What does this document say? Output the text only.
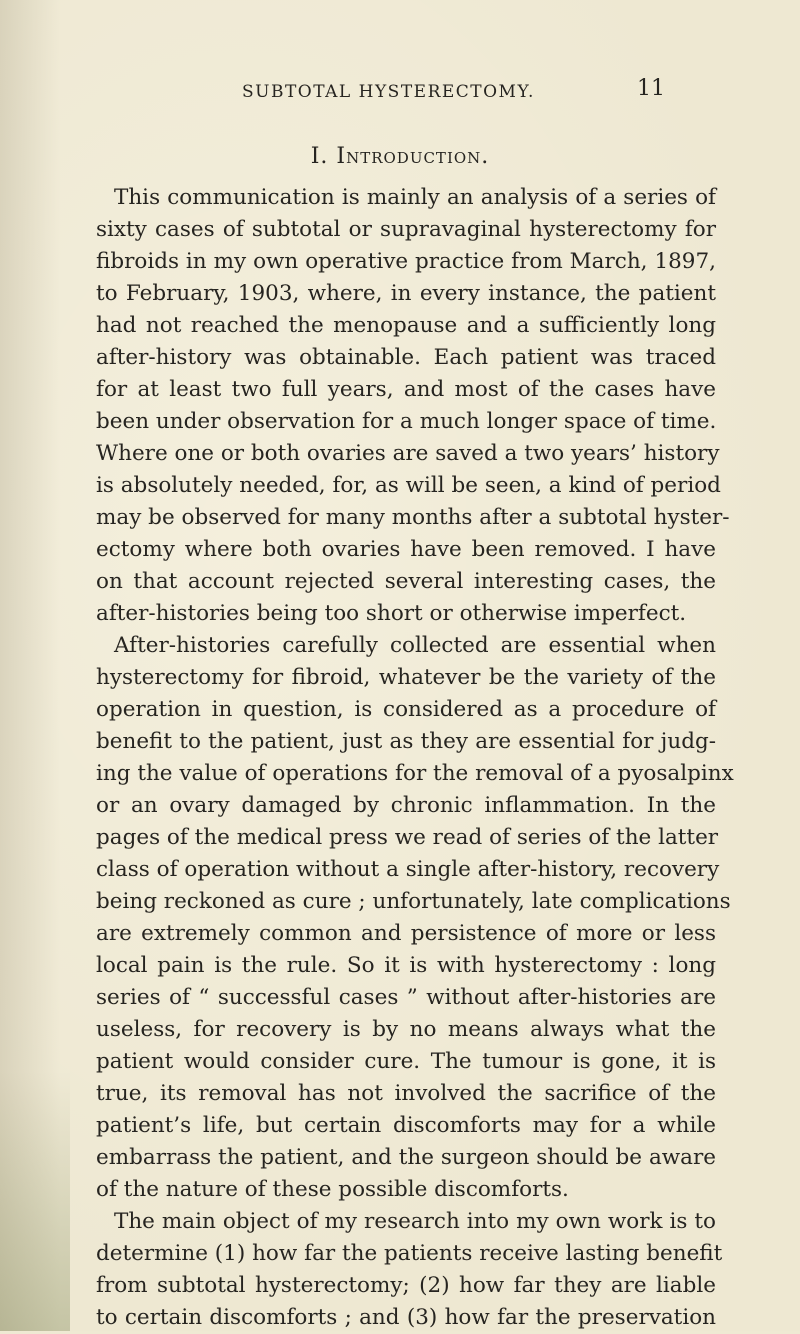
SUBTOTAL HYSTERECTOMY.	11
I. Introduction.
This communication is mainly an analysis of a series of
sixty cases of subtotal or supravaginal hysterectomy for
fibroids in my own operative practice from March, 1897,
to February, 1903, where, in every instance, the patient
had not reached the menopause and a sufficiently long
after-history was obtainable. Each patient was traced
for at least two full years, and most of the cases have
been under observation for a much longer space of time.
Where one or both ovaries are saved a two years’ history
is absolutely needed, for, as will be seen, a kind of period
may be observed for many months after a subtotal hyster-
ectomy where both ovaries have been removed. I have
on that account rejected several interesting cases, the
after-histories being too short or otherwise imperfect.
After-histories carefully collected are essential when
hysterectomy for fibroid, whatever be the variety of the
operation in question, is considered as a procedure of
benefit to the patient, just as they are essential for judg-
ing the value of operations for the removal of a pyosalpinx
or an ovary damaged by chronic inflammation. In the
pages of the medical press we read of series of the latter
class of operation without a single after-history, recovery
being reckoned as cure ; unfortunately, late complications
are extremely common and persistence of more or less
local pain is the rule. So it is with hysterectomy : long
series of “ successful cases ” without after-histories are
useless, for recovery is by no means always what the
patient would consider cure. The tumour is gone, it is
true, its removal has not involved the sacrifice of the
patient’s life, but certain discomforts may for a while
embarrass the patient, and the surgeon should be aware
of the nature of these possible discomforts.
The main object of my research into my own work is to
determine (1) how far the patients receive lasting benefit
from subtotal hysterectomy; (2) how far they are liable
to certain discomforts ; and (3) how far the preservation
